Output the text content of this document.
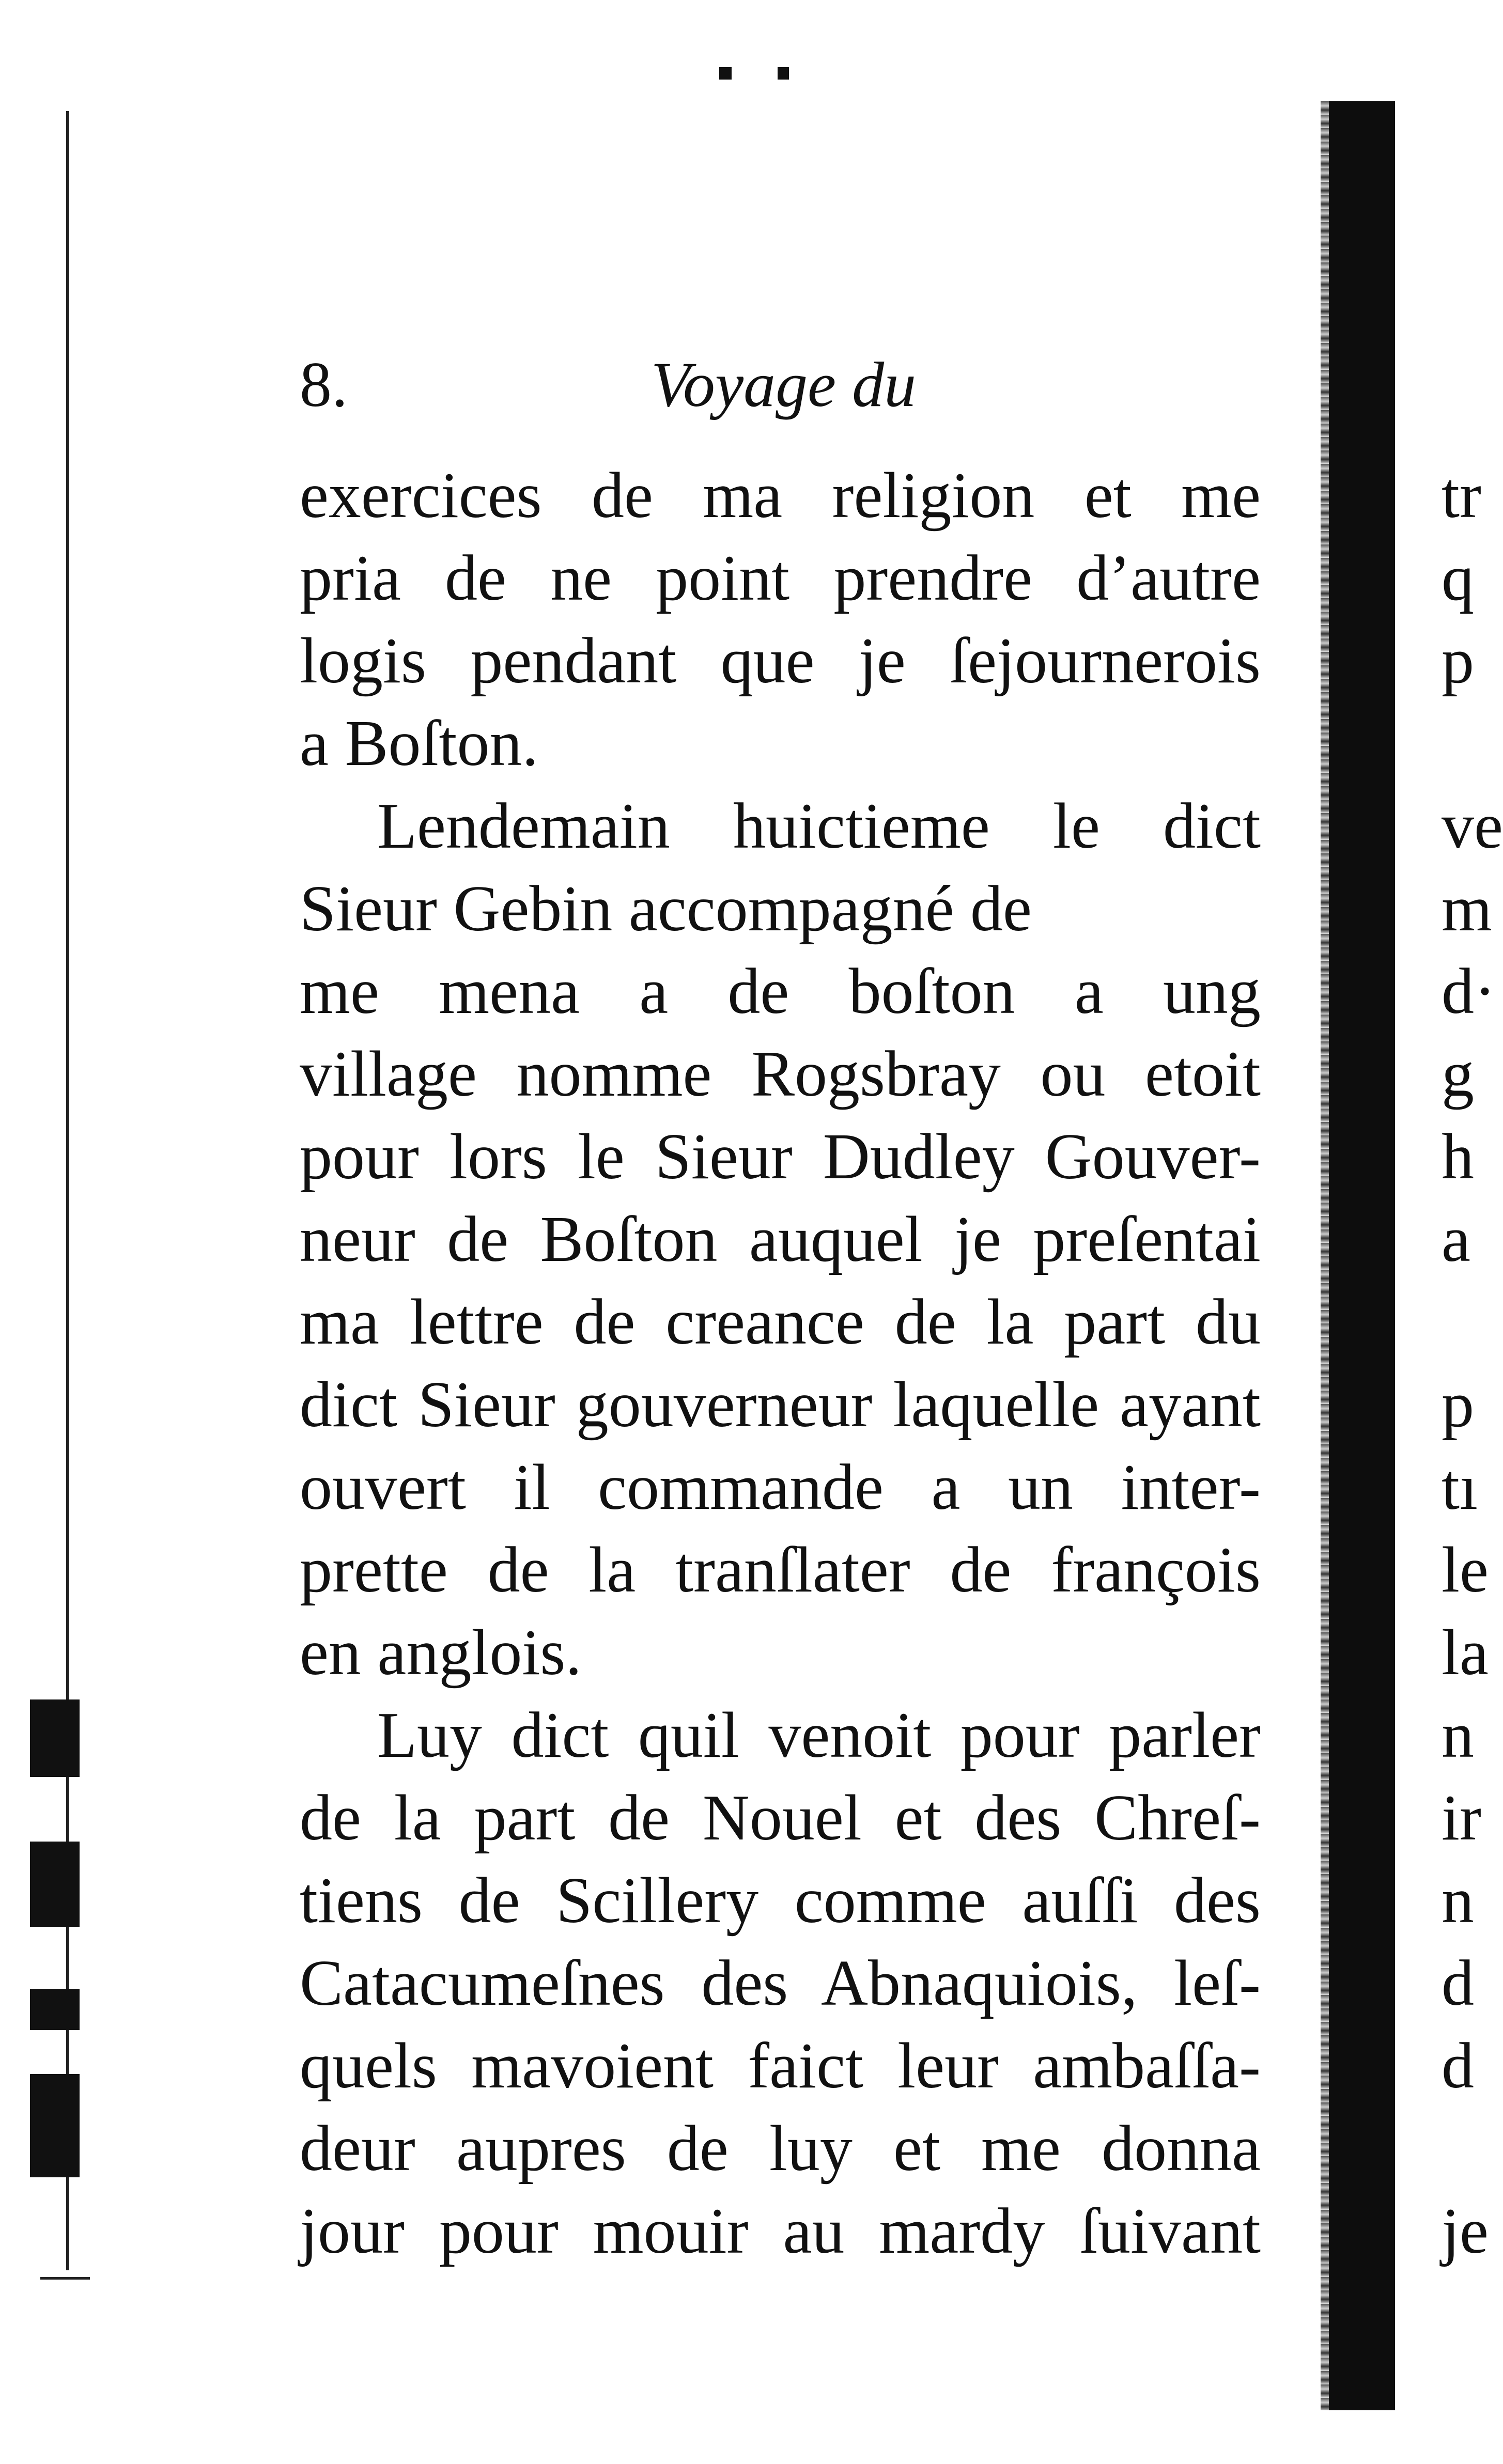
8.	Voyage du
exercices de ma religion et me
pria de ne point prendre d’autre
logis pendant que je ſejournerois
a Boſton.
Lendemain huictieme le dict
Sieur Gebin accompagné de
me mena a de boſton a ung
village nomme Rogsbray ou etoit
pour lors le Sieur Dudley Gouver-
neur de Boſton auquel je preſentai
ma lettre de creance de la part du
dict Sieur gouverneur laquelle ayant
ouvert il commande a un inter-
prette de la tranſlater de françois
en anglois.
Luy dict quil venoit pour parler
de la part de Nouel et des Chreſ-
tiens de Scillery comme auſſi des
Catacumeſnes des Abnaquiois, leſ-
quels mavoient faict leur ambaſſa-
deur aupres de luy et me donna
jour pour mouir au mardy ſuivant
tr
q
p
ve
m
d·
g
h
a
p
tı
le
la
n
ir
n
d
d
je
